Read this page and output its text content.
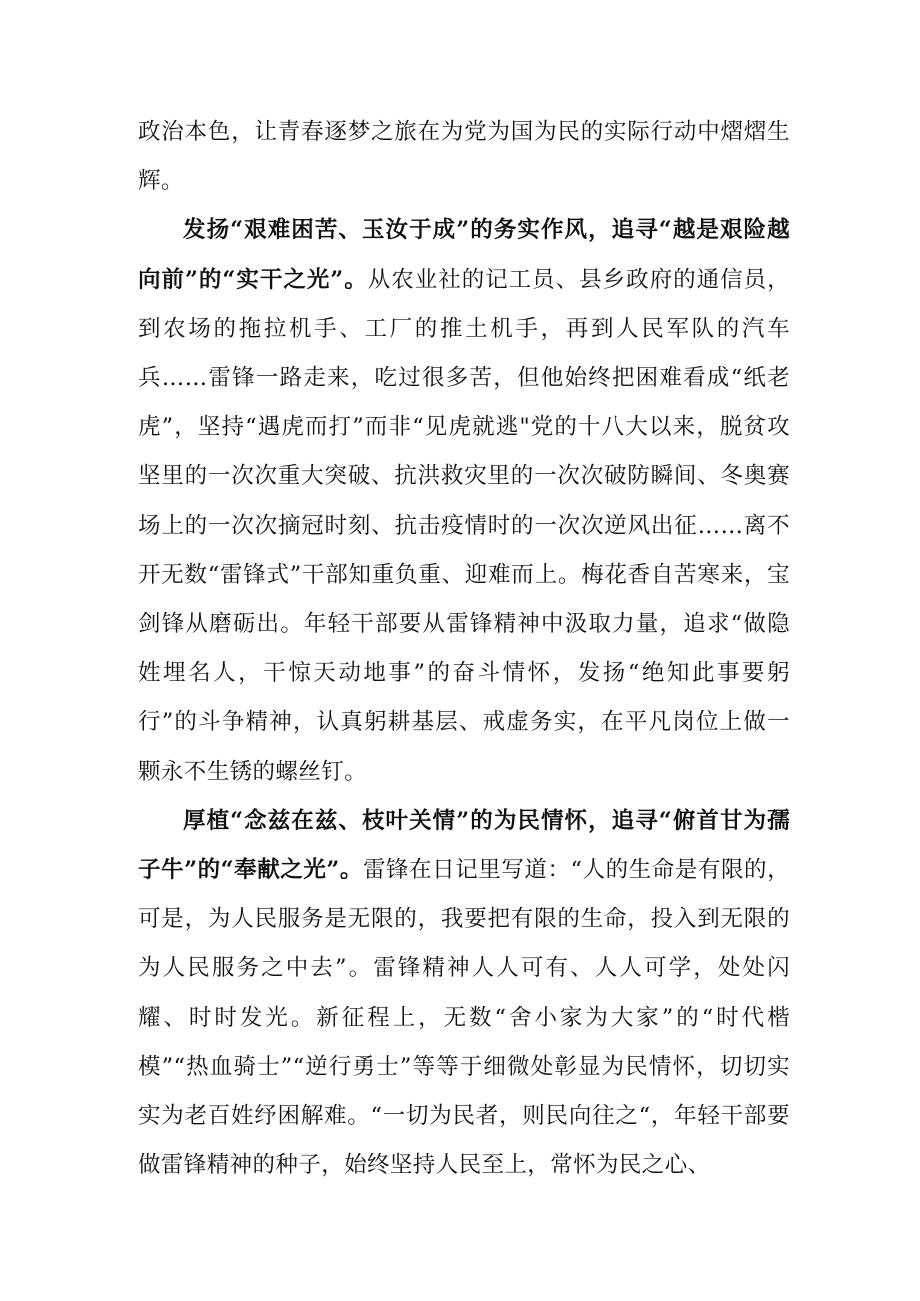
政治本色，让青春逐梦之旅在为党为国为民的实际行动中熠熠生辉。

发扬“艰难困苦、玉汝于成”的务实作风，追寻“越是艰险越向前”的“实干之光”。从农业社的记工员、县乡政府的通信员，到农场的拖拉机手、工厂的推土机手，再到人民军队的汽车兵……雷锋一路走来，吃过很多苦，但他始终把困难看成“纸老虎”，坚持“遇虎而打”而非“见虎就逃"党的十八大以来，脱贫攻坚里的一次次重大突破、抗洪救灾里的一次次破防瞬间、冬奥赛场上的一次次摘冠时刻、抗击疫情时的一次次逆风出征……离不开无数“雷锋式”干部知重负重、迎难而上。梅花香自苦寒来，宝剑锋从磨砺出。年轻干部要从雷锋精神中汲取力量，追求“做隐姓埋名人，干惊天动地事”的奋斗情怀，发扬“绝知此事要躬行”的斗争精神，认真躬耕基层、戒虚务实，在平凡岗位上做一颗永不生锈的螺丝钉。

厚植“念兹在兹、枝叶关情”的为民情怀，追寻“俯首甘为孺子牛”的“奉献之光”。雷锋在日记里写道：“人的生命是有限的，可是，为人民服务是无限的，我要把有限的生命，投入到无限的为人民服务之中去”。雷锋精神人人可有、人人可学，处处闪耀、时时发光。新征程上，无数“舍小家为大家”的“时代楷模”“热血骑士”“逆行勇士”等等于细微处彰显为民情怀，切切实实为老百姓纾困解难。“一切为民者，则民向往之“，年轻干部要做雷锋精神的种子，始终坚持人民至上，常怀为民之心、
